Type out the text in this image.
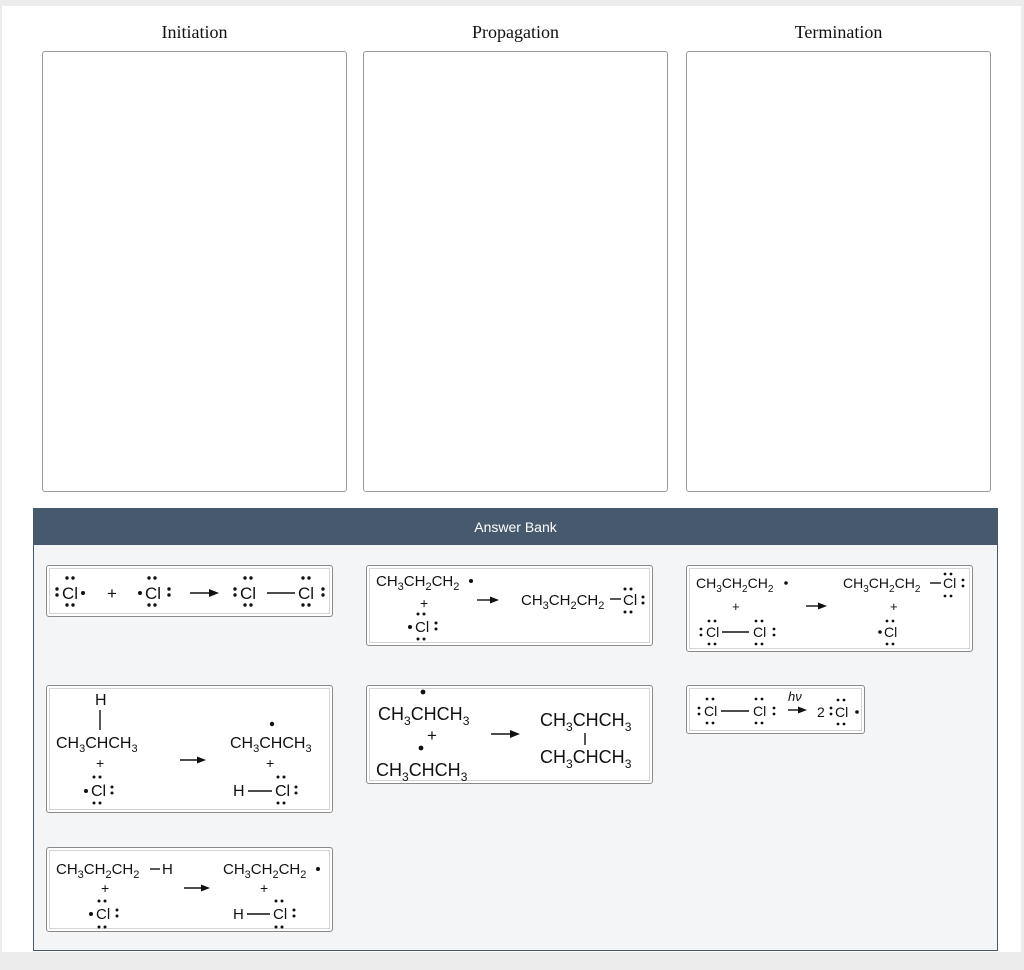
Initiation	Propagation	Termination
Answer Bank
Cl + Cl	Cl Cl
$CH_3CH_2CH_2$
+
Cl
$CH_3CH_2CH_2$ Cl
$CH_3CH_2CH_2$
+
Cl Cl
$CH_3CH_2CH_2$ Cl
+
Cl
H
$CH_3CHCH_3$
+
Cl
$CH_3CHCH_3$
+
H Cl
$CH_3CHCH_3$
+
$CH_3CHCH_3$
$CH_3CHCH_3$
$CH_3CHCH_3$
Cl	Cl
hν
2 Cl
$CH_3CH_2CH_2$ H
+
Cl
$CH_3CH_2CH_2$
+
H Cl
